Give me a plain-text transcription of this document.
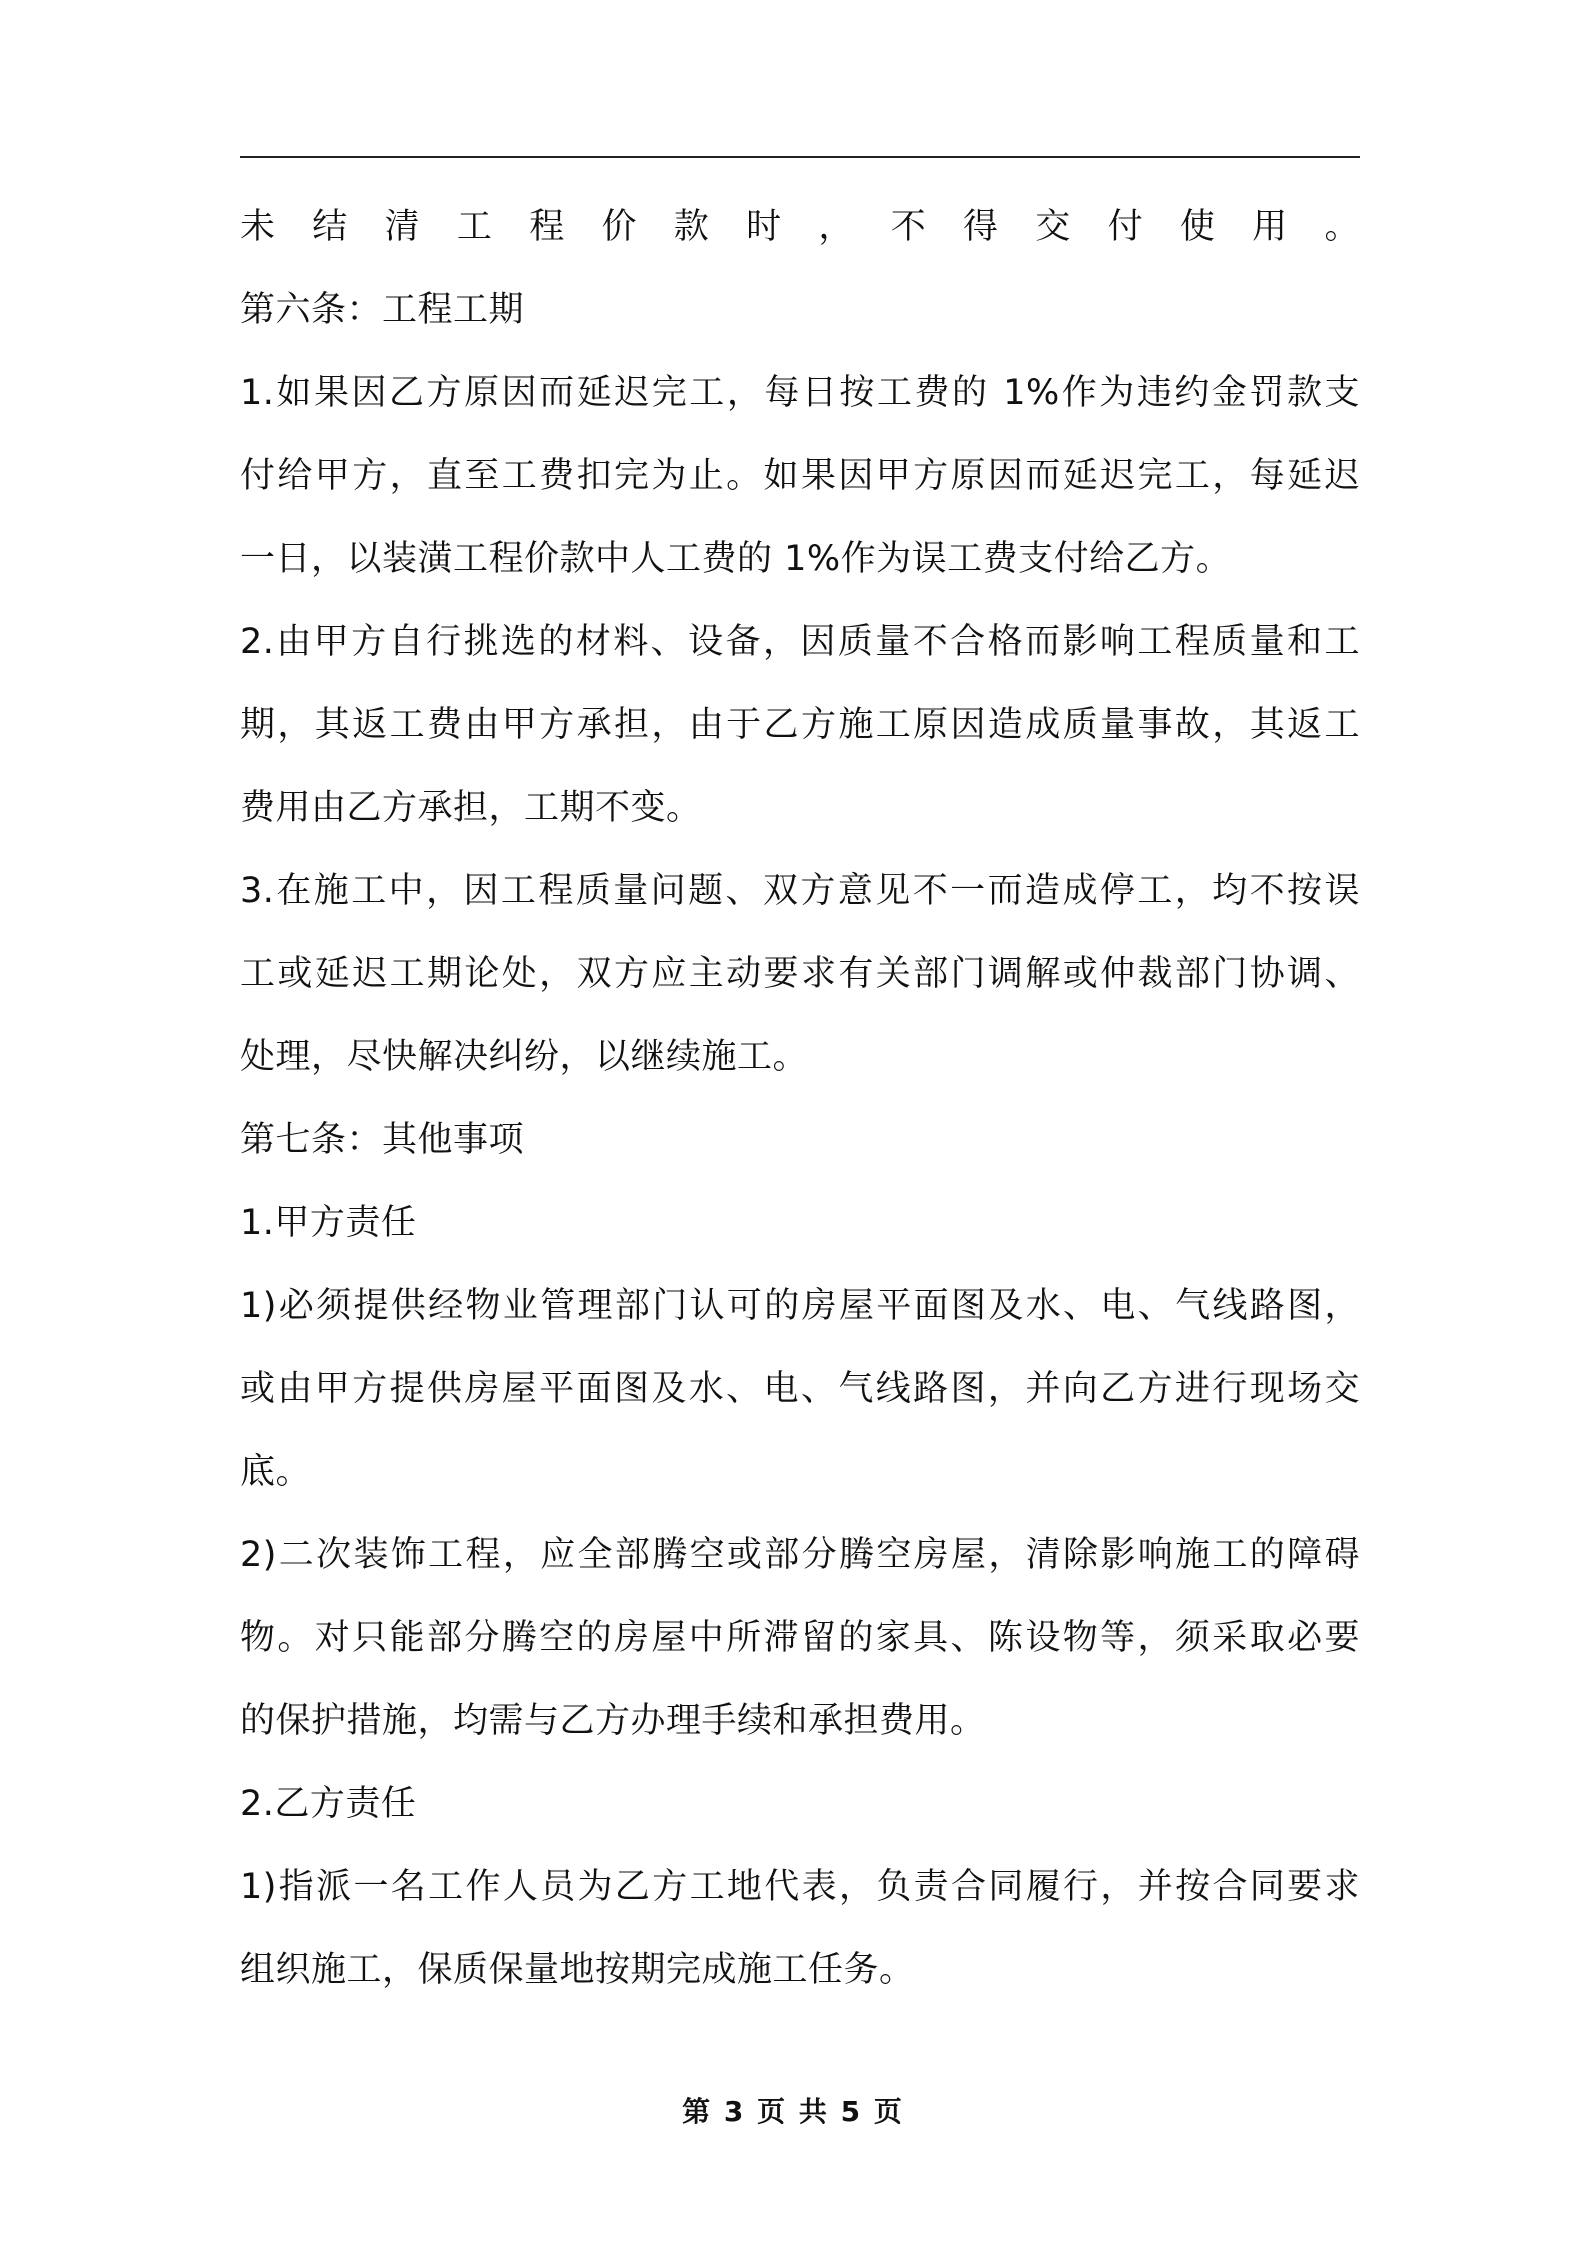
未结清工程价款时，不得交付使用。
第六条：工程工期
1.如果因乙方原因而延迟完工，每日按工费的 1%作为违约金罚款支
付给甲方，直至工费扣完为止。如果因甲方原因而延迟完工，每延迟
一日，以装潢工程价款中人工费的 1%作为误工费支付给乙方。
2.由甲方自行挑选的材料、设备，因质量不合格而影响工程质量和工
期，其返工费由甲方承担，由于乙方施工原因造成质量事故，其返工
费用由乙方承担，工期不变。
3.在施工中，因工程质量问题、双方意见不一而造成停工，均不按误
工或延迟工期论处，双方应主动要求有关部门调解或仲裁部门协调、
处理，尽快解决纠纷，以继续施工。
第七条：其他事项
1.甲方责任
1)必须提供经物业管理部门认可的房屋平面图及水、电、气线路图，
或由甲方提供房屋平面图及水、电、气线路图，并向乙方进行现场交
底。
2)二次装饰工程，应全部腾空或部分腾空房屋，清除影响施工的障碍
物。对只能部分腾空的房屋中所滞留的家具、陈设物等，须采取必要
的保护措施，均需与乙方办理手续和承担费用。
2.乙方责任
1)指派一名工作人员为乙方工地代表，负责合同履行，并按合同要求
组织施工，保质保量地按期完成施工任务。
第 3 页 共 5 页
